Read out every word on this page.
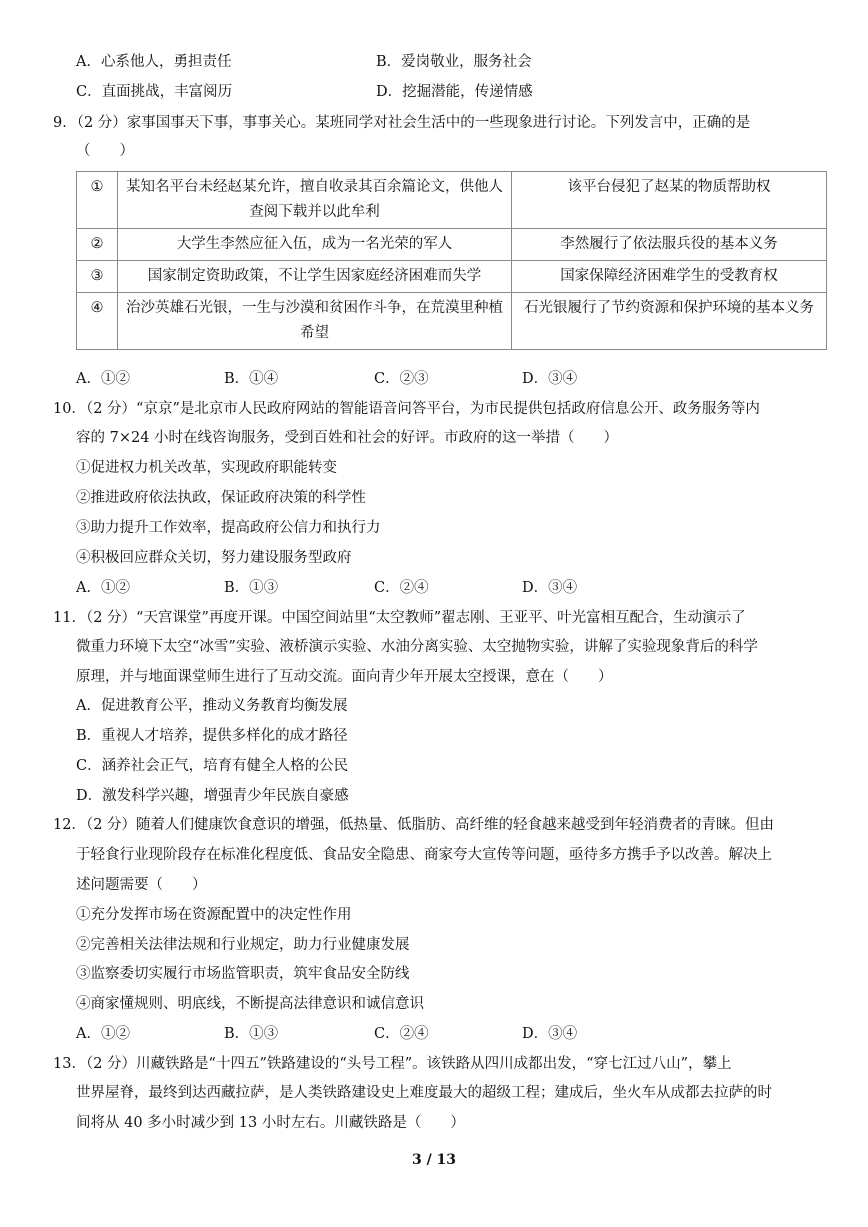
A．心系他人，勇担责任	B．爱岗敬业，服务社会
C．直面挑战，丰富阅历	D．挖掘潜能，传递情感
9．（2 分）家事国事天下事，事事关心。某班同学对社会生活中的一些现象进行讨论。下列发言中，正确的是
（　　）
①	某知名平台未经赵某允许，擅自收录其百余篇论文，供他人查阅下载并以此牟利	该平台侵犯了赵某的物质帮助权
②	大学生李然应征入伍，成为一名光荣的军人	李然履行了依法服兵役的基本义务
③	国家制定资助政策，不让学生因家庭经济困难而失学	国家保障经济困难学生的受教育权
④	治沙英雄石光银，一生与沙漠和贫困作斗争，在荒漠里种植希望	石光银履行了节约资源和保护环境的基本义务
A．①②	B．①④	C．②③	D．③④
10．（2 分）“京京”是北京市人民政府网站的智能语音问答平台，为市民提供包括政府信息公开、政务服务等内
容的 7×24 小时在线咨询服务，受到百姓和社会的好评。市政府的这一举措（　　）
①促进权力机关改革，实现政府职能转变
②推进政府依法执政，保证政府决策的科学性
③助力提升工作效率，提高政府公信力和执行力
④积极回应群众关切，努力建设服务型政府
A．①②	B．①③	C．②④	D．③④
11．（2 分）“天宫课堂”再度开课。中国空间站里“太空教师”翟志刚、王亚平、叶光富相互配合，生动演示了
微重力环境下太空“冰雪”实验、液桥演示实验、水油分离实验、太空抛物实验，讲解了实验现象背后的科学
原理，并与地面课堂师生进行了互动交流。面向青少年开展太空授课，意在（　　）
A．促进教育公平，推动义务教育均衡发展
B．重视人才培养，提供多样化的成才路径
C．涵养社会正气，培育有健全人格的公民
D．激发科学兴趣，增强青少年民族自豪感
12．（2 分）随着人们健康饮食意识的增强，低热量、低脂肪、高纤维的轻食越来越受到年轻消费者的青睐。但由
于轻食行业现阶段存在标准化程度低、食品安全隐患、商家夸大宣传等问题，亟待多方携手予以改善。解决上
述问题需要（　　）
①充分发挥市场在资源配置中的决定性作用
②完善相关法律法规和行业规定，助力行业健康发展
③监察委切实履行市场监管职责，筑牢食品安全防线
④商家懂规则、明底线，不断提高法律意识和诚信意识
A．①②	B．①③	C．②④	D．③④
13．（2 分）川藏铁路是“十四五”铁路建设的“头号工程”。该铁路从四川成都出发，“穿七江过八山”，攀上
世界屋脊，最终到达西藏拉萨，是人类铁路建设史上难度最大的超级工程；建成后，坐火车从成都去拉萨的时
间将从 40 多小时减少到 13 小时左右。川藏铁路是（　　）
3 / 13
